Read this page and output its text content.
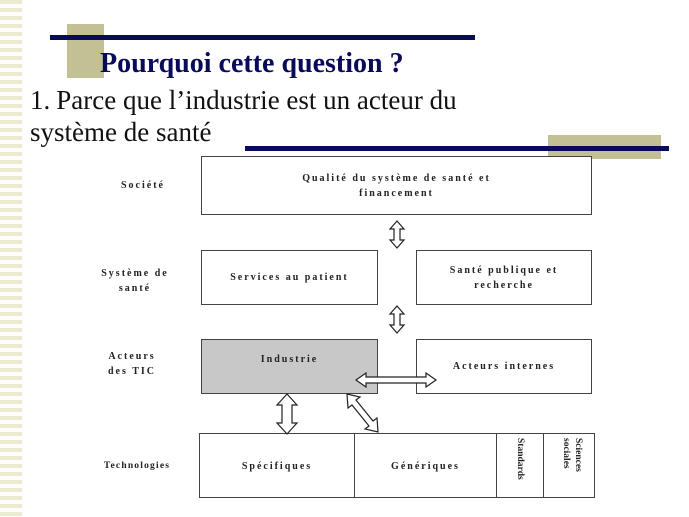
Pourquoi cette question ?

1. Parce que l’industrie est un acteur du système de santé

Société
Système de santé
Acteurs des TIC
Technologies
Qualité du système de santé et financement
Services au patient
Santé publique et recherche
Industrie
Acteurs internes
Spécifiques	Génériques	Standards	Sciences sociales
